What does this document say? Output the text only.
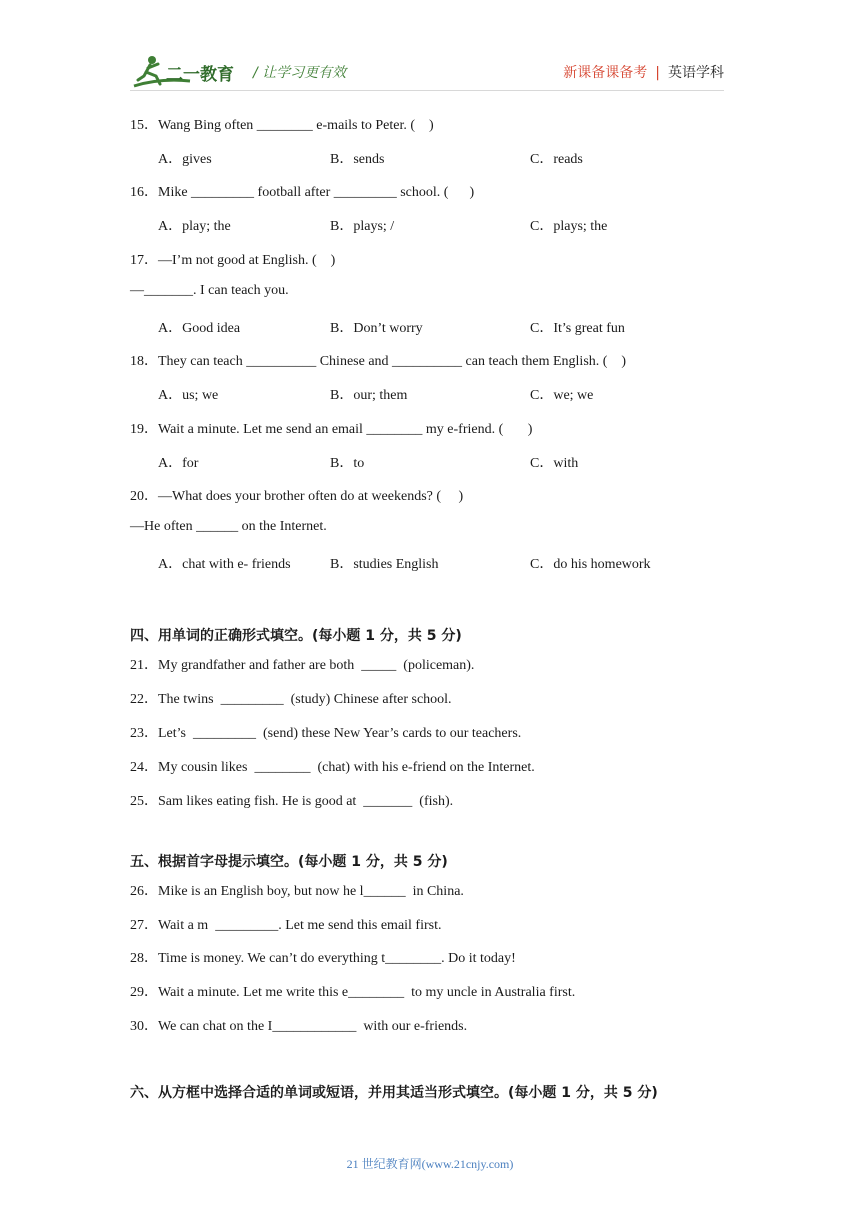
二一教育 / 让学习更有效	新课备课备考 | 英语学科
15．Wang Bing often ________ e-mails to Peter. (    )
A．gives	B．sends	C．reads
16．Mike _________ football after _________ school. (      )
A．play; the	B．plays; /	C．plays; the
17．—I’m not good at English. (    )
—_______. I can teach you.
A．Good idea	B．Don’t worry	C．It’s great fun
18．They can teach __________ Chinese and __________ can teach them English. (    )
A．us; we	B．our; them	C．we; we
19．Wait a minute. Let me send an email ________ my e-friend. (       )
A．for	B．to	C．with
20．—What does your brother often do at weekends? (     )
—He often ______ on the Internet.
A．chat with e- friends	B．studies English	C．do his homework
四、用单词的正确形式填空。(每小题 1 分，共 5 分)
21．My grandfather and father are both  _____  (policeman).
22．The twins  _________  (study) Chinese after school.
23．Let’s  _________  (send) these New Year’s cards to our teachers.
24．My cousin likes  ________  (chat) with his e-friend on the Internet.
25．Sam likes eating fish. He is good at  _______  (fish).
五、根据首字母提示填空。(每小题 1 分，共 5 分)
26．Mike is an English boy, but now he l______  in China.
27．Wait a m  _________. Let me send this email first.
28．Time is money. We can’t do everything t________. Do it today!
29．Wait a minute. Let me write this e________  to my uncle in Australia first.
30．We can chat on the I____________  with our e-friends.
六、从方框中选择合适的单词或短语，并用其适当形式填空。(每小题 1 分，共 5 分)
21 世纪教育网(www.21cnjy.com)
